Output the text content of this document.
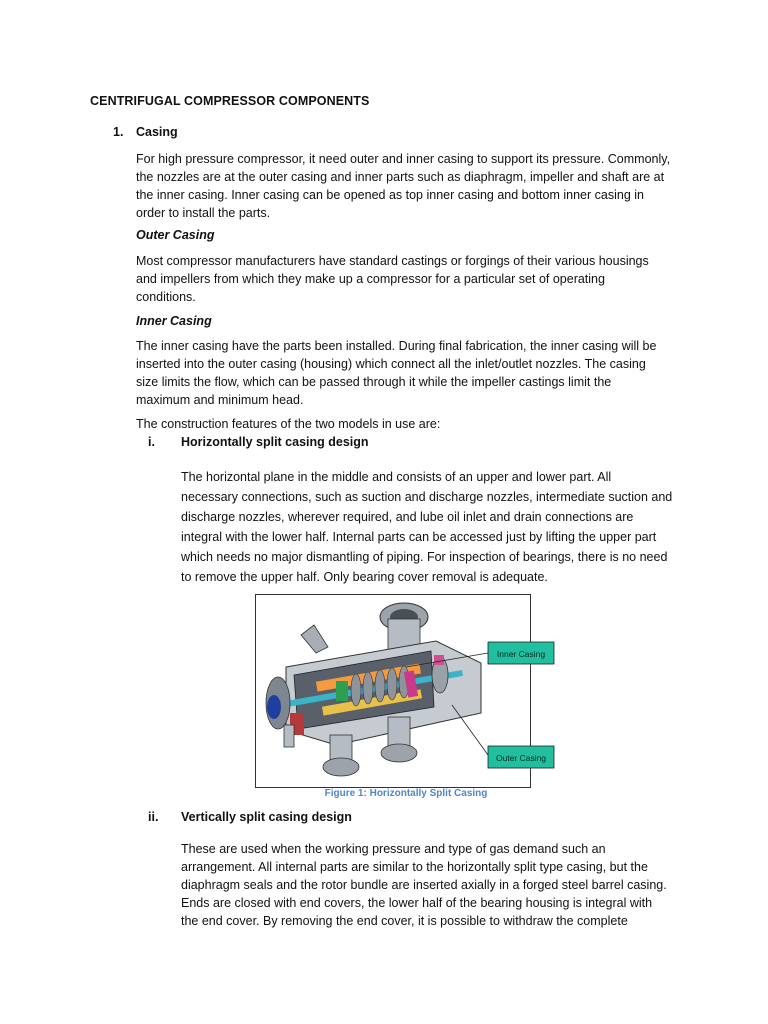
CENTRIFUGAL COMPRESSOR COMPONENTS
1. Casing
For high pressure compressor, it need outer and inner casing to support its pressure. Commonly,
the nozzles are at the outer casing and inner parts such as diaphragm, impeller and shaft are at
the inner casing. Inner casing can be opened as top inner casing and bottom inner casing in
order to install the parts.
Outer Casing
Most compressor manufacturers have standard castings or forgings of their various housings
and impellers from which they make up a compressor for a particular set of operating
conditions.
Inner Casing
The inner casing have the parts been installed. During final fabrication, the inner casing will be
inserted into the outer casing (housing) which connect all the inlet/outlet nozzles. The casing
size limits the flow, which can be passed through it while the impeller castings limit the
maximum and minimum head.
The construction features of the two models in use are:
i. Horizontally split casing design
The horizontal plane in the middle and consists of an upper and lower part. All
necessary connections, such as suction and discharge nozzles, intermediate suction and
discharge nozzles, wherever required, and lube oil inlet and drain connections are
integral with the lower half. Internal parts can be accessed just by lifting the upper part
which needs no major dismantling of piping. For inspection of bearings, there is no need
to remove the upper half. Only bearing cover removal is adequate.
Inner Casing
Outer Casing
Figure 1: Horizontally Split Casing
ii. Vertically split casing design
These are used when the working pressure and type of gas demand such an
arrangement. All internal parts are similar to the horizontally split type casing, but the
diaphragm seals and the rotor bundle are inserted axially in a forged steel barrel casing.
Ends are closed with end covers, the lower half of the bearing housing is integral with
the end cover. By removing the end cover, it is possible to withdraw the complete
